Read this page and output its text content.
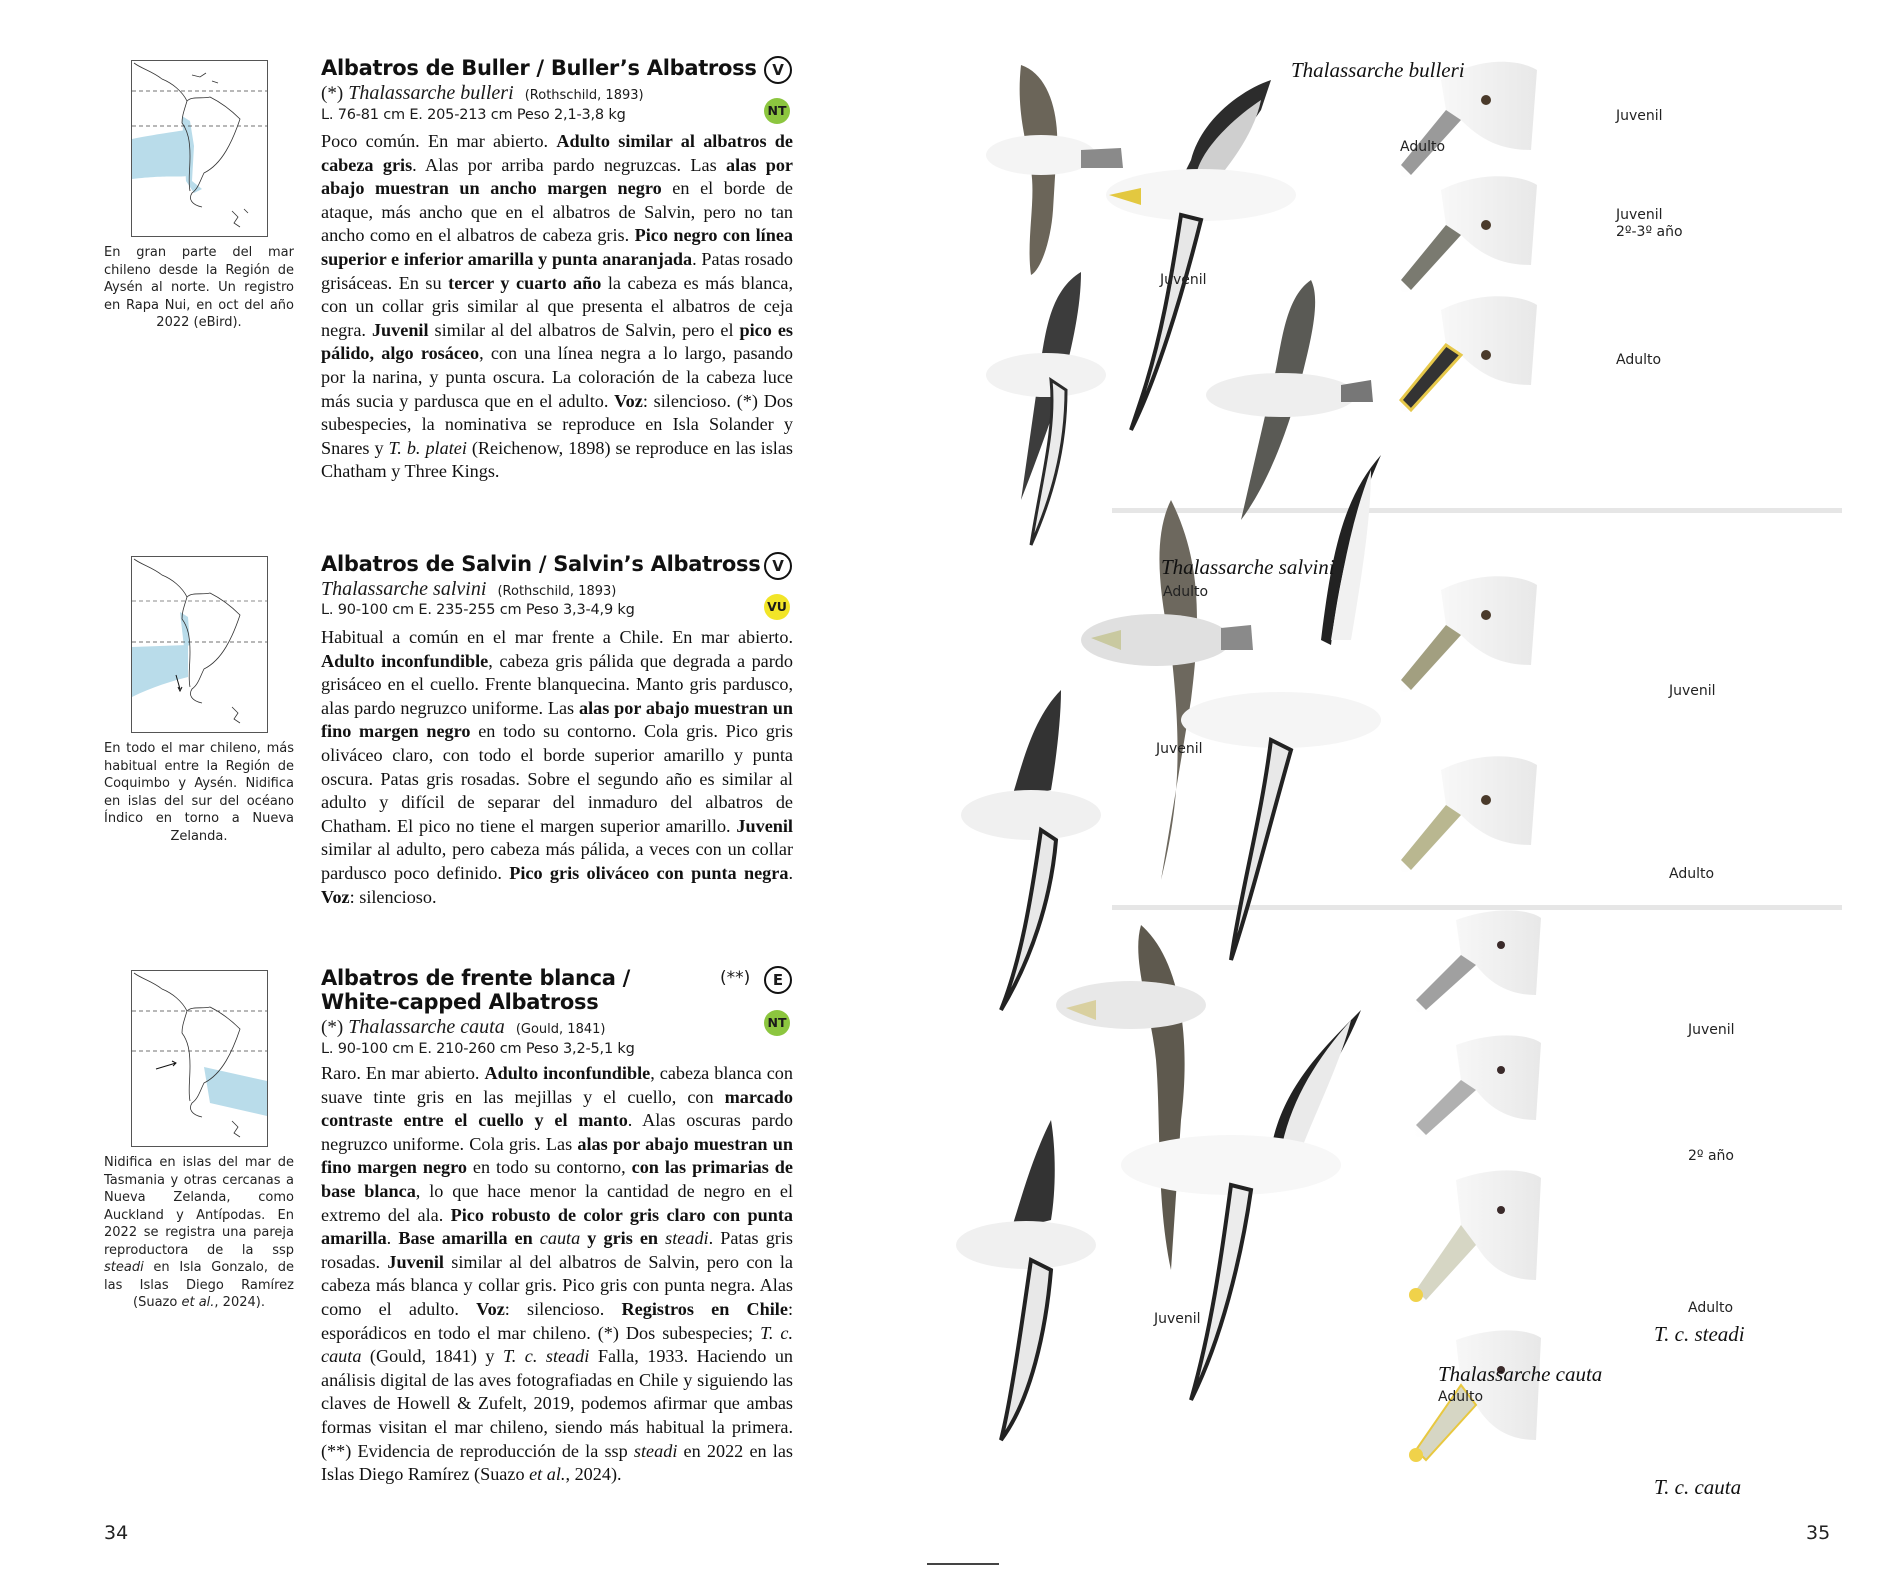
En gran parte del mar chileno desde la Región de Aysén al norte. Un registro en Rapa Nui, en oct del año 2022 (eBird).
Albatros de Buller / Buller’s Albatross
(*) Thalassarche bulleri (Rothschild, 1893)
L. 76-81 cm E. 205-213 cm Peso 2,1-3,8 kg
V
NT
Poco común. En mar abierto. Adulto similar al albatros de cabeza gris. Alas por arriba pardo negruzcas. Las alas por abajo muestran un ancho margen negro en el borde de ataque, más ancho que en el albatros de Salvin, pero no tan ancho como en el albatros de cabeza gris. Pico negro con línea superior e inferior amarilla y punta anaranjada. Patas rosado grisáceas. En su tercer y cuarto año la cabeza es más blanca, con un collar gris similar al que presenta el albatros de ceja negra. Juvenil similar al del albatros de Salvin, pero el pico es pálido, algo rosáceo, con una línea negra a lo largo, pasando por la narina, y punta oscura. La coloración de la cabeza luce más sucia y pardusca que en el adulto. Voz: silencioso. (*) Dos subespecies, la nominativa se reproduce en Isla Solander y Snares y T. b. platei (Reichenow, 1898) se reproduce en las islas Chatham y Three Kings.
En todo el mar chileno, más habitual entre la Región de Coquimbo y Aysén. Nidifica en islas del sur del océano Índico en torno a Nueva Zelanda.
Albatros de Salvin / Salvin’s Albatross
Thalassarche salvini (Rothschild, 1893)
L. 90-100 cm E. 235-255 cm Peso 3,3-4,9 kg
V
VU
Habitual a común en el mar frente a Chile. En mar abierto. Adulto inconfundible, cabeza gris pálida que degrada a pardo grisáceo en el cuello. Frente blanquecina. Manto gris pardusco, alas pardo negruzco uniforme. Las alas por abajo muestran un fino margen negro en todo su contorno. Cola gris. Pico gris oliváceo claro, con todo el borde superior amarillo y punta oscura. Patas gris rosadas. Sobre el segundo año es similar al adulto y difícil de separar del inmaduro del albatros de Chatham. El pico no tiene el margen superior amarillo. Juvenil similar al adulto, pero cabeza más pálida, a veces con un collar pardusco poco definido. Pico gris oliváceo con punta negra. Voz: silencioso.
Nidifica en islas del mar de Tasmania y otras cercanas a Nueva Zelanda, como Auckland y Antípodas. En 2022 se registra una pareja reproductora de la ssp steadi en Isla Gonzalo, de las Islas Diego Ramírez (Suazo et al., 2024).
Albatros de frente blanca /
White-capped Albatross
(*) Thalassarche cauta (Gould, 1841)
L. 90-100 cm E. 210-260 cm Peso 3,2-5,1 kg
(**)	E
NT
Raro. En mar abierto. Adulto inconfundible, cabeza blanca con suave tinte gris en las mejillas y el cuello, con marcado contraste entre el cuello y el manto. Alas oscuras pardo negruzco uniforme. Cola gris. Las alas por abajo muestran un fino margen negro en todo su contorno, con las primarias de base blanca, lo que hace menor la cantidad de negro en el extremo del ala. Pico robusto de color gris claro con punta amarilla. Base amarilla en cauta y gris en steadi. Patas gris rosadas. Juvenil similar al del albatros de Salvin, pero con la cabeza más blanca y collar gris. Pico gris con punta negra. Alas como el adulto. Voz: silencioso. Registros en Chile: esporádicos en todo el mar chileno. (*) Dos subespecies; T. c. cauta (Gould, 1841) y T. c. steadi Falla, 1933. Haciendo un análisis digital de las aves fotografiadas en Chile y siguiendo las claves de Howell & Zufelt, 2019, podemos afirmar que ambas formas visitan el mar chileno, siendo más habitual la primera. (**) Evidencia de reproducción de la ssp steadi en 2022 en las Islas Diego Ramírez (Suazo et al., 2024).
34
Thalassarche bulleri
Adulto
Juvenil
Juvenil
Juvenil
2º-3º año
Adulto
Thalassarche salvini
Adulto
Juvenil
Juvenil
Adulto
Thalassarche cauta
Adulto
Juvenil
Juvenil
2º año
Adulto
T. c. steadi
T. c. cauta
35
